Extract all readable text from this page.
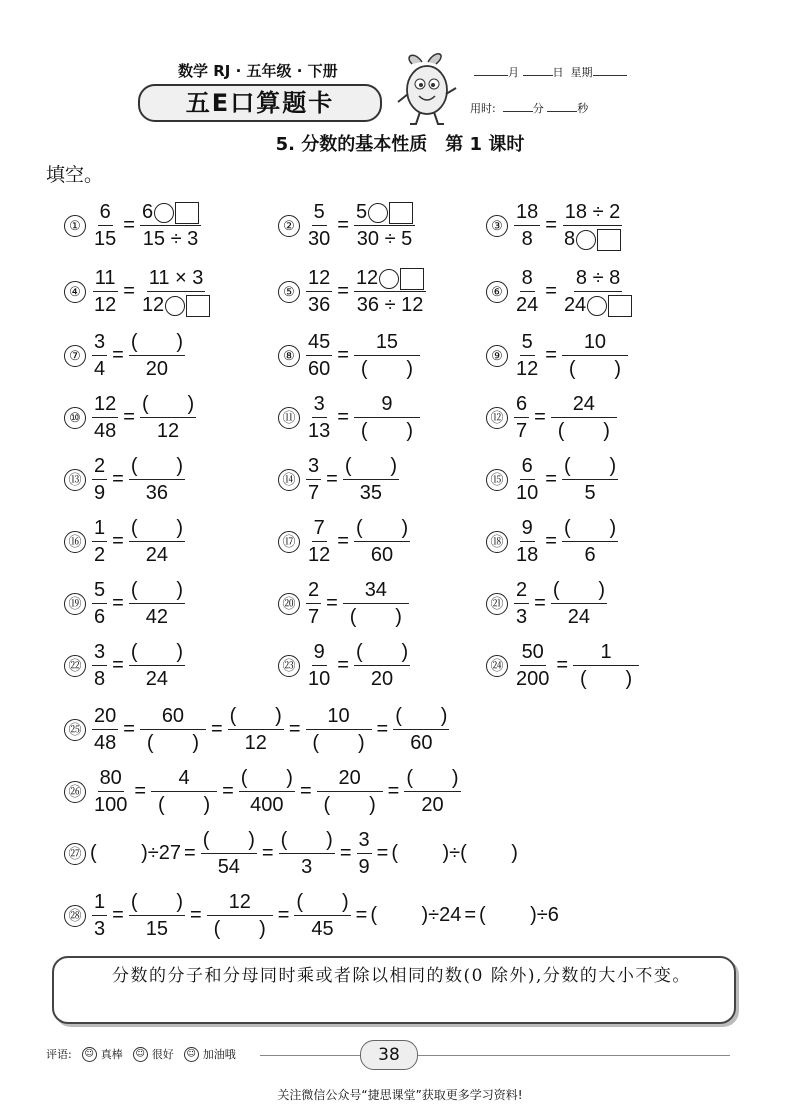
数学 RJ · 五年级 · 下册
五E口算题卡
月	日 星期
用时:	分	秒
5. 分数的基本性质　第 1 课时
填空。
① $\frac{6}{15} = \frac{6}{15 \div 3}$	② $\frac{5}{30} = \frac{5}{30 \div 5}$	③ $\frac{18}{8} = \frac{18 \div 2}{8}$
④ $\frac{11}{12} = \frac{11 \times 3}{12}$	⑤ $\frac{12}{36} = \frac{12}{36 \div 12}$	⑥ $\frac{8}{24} = \frac{8 \div 8}{24}$
⑦ $\frac{3}{4} = \frac{( )}{20}$	⑧ $\frac{45}{60} = \frac{15}{( )}$	⑨ $\frac{5}{12} = \frac{10}{( )}$
⑩ $\frac{12}{48} = \frac{( )}{12}$	⑪ $\frac{3}{13} = \frac{9}{( )}$	⑫ $\frac{6}{7} = \frac{24}{( )}$
⑬ $\frac{2}{9} = \frac{( )}{36}$	⑭ $\frac{3}{7} = \frac{( )}{35}$	⑮ $\frac{6}{10} = \frac{( )}{5}$
⑯ $\frac{1}{2} = \frac{( )}{24}$	⑰ $\frac{7}{12} = \frac{( )}{60}$	⑱ $\frac{9}{18} = \frac{( )}{6}$
⑲ $\frac{5}{6} = \frac{( )}{42}$	⑳ $\frac{2}{7} = \frac{34}{( )}$	㉑ $\frac{2}{3} = \frac{( )}{24}$
㉒ $\frac{3}{8} = \frac{( )}{24}$	㉓ $\frac{9}{10} = \frac{( )}{20}$	㉔ $\frac{50}{200} = \frac{1}{( )}$
㉕ $\frac{20}{48} = \frac{60}{( )} = \frac{( )}{12} = \frac{10}{( )} = \frac{( )}{60}$
㉖ $\frac{80}{100} = \frac{4}{( )} = \frac{( )}{400} = \frac{20}{( )} = \frac{( )}{20}$
㉗ ( )$\div 27 = \frac{( )}{54} = \frac{( )}{3} = \frac{3}{9}$ = ( )÷( )
㉘ $\frac{1}{3} = \frac{( )}{15} = \frac{12}{( )} = \frac{( )}{45}$ = ( )÷24 = ( )÷6
分数的分子和分母同时乘或者除以相同的数(0 除外),分数的大小不变。
评语:	☺ 真棒	☺ 很好	☺ 加油哦	38
关注微信公众号“捷思课堂”获取更多学习资料!
